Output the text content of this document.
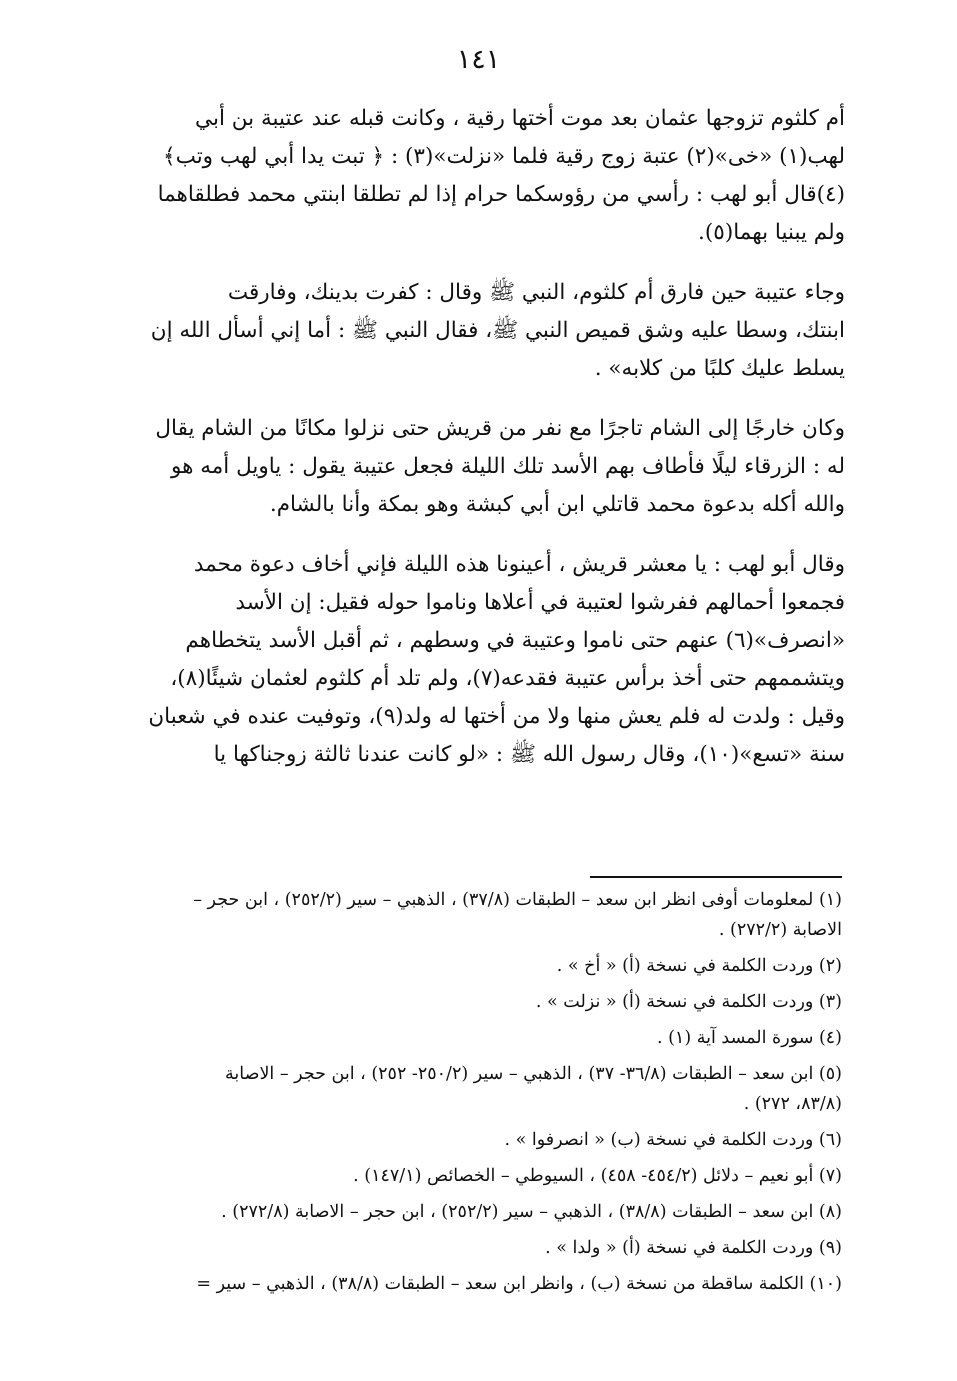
١٤١

أم كلثوم تزوجها عثمان بعد موت أختها رقية ، وكانت قبله عند عتيبة بن أبي
لهب(١) «خى»(٢) عتبة زوج رقية فلما «نزلت»(٣) : ﴿ تبت يدا أبي لهب وتب﴾
(٤)قال أبو لهب : رأسي من رؤوسكما حرام إذا لم تطلقا ابنتي محمد فطلقاهما
ولم يبنيا بهما(٥).

وجاء عتيبة حين فارق أم كلثوم، النبي ﷺ وقال : كفرت بدينك، وفارقت
ابنتك، وسطا عليه وشق قميص النبي ﷺ، فقال النبي ﷺ : أما إني أسأل الله إن
يسلط عليك كلبًا من كلابه» .

وكان خارجًا إلى الشام تاجرًا مع نفر من قريش حتى نزلوا مكانًا من الشام يقال
له : الزرقاء ليلًا فأطاف بهم الأسد تلك الليلة فجعل عتيبة يقول : ياويل أمه هو
والله أكله بدعوة محمد قاتلي ابن أبي كبشة وهو بمكة وأنا بالشام.

وقال أبو لهب : يا معشر قريش ، أعينونا هذه الليلة فإني أخاف دعوة محمد
فجمعوا أحمالهم ففرشوا لعتيبة في أعلاها وناموا حوله فقيل: إن الأسد
«انصرف»(٦) عنهم حتى ناموا وعتيبة في وسطهم ، ثم أقبل الأسد يتخطاهم
ويتشممهم حتى أخذ برأس عتيبة فقدعه(٧)، ولم تلد أم كلثوم لعثمان شيئًا(٨)،
وقيل : ولدت له فلم يعش منها ولا من أختها له ولد(٩)، وتوفيت عنده في شعبان
سنة «تسع»(١٠)، وقال رسول الله ﷺ : «لو كانت عندنا ثالثة زوجناكها يا

(١) لمعلومات أوفى انظر ابن سعد – الطبقات (٣٧/٨) ، الذهبي – سير (٢٥٢/٢) ، ابن حجر –
الاصابة (٢٧٢/٢) .
(٢) وردت الكلمة في نسخة (أ) « أخ » .
(٣) وردت الكلمة في نسخة (أ) « نزلت » .
(٤) سورة المسد آية (١) .
(٥) ابن سعد – الطبقات (٣٦/٨- ٣٧) ، الذهبي – سير (٢٥٠/٢- ٢٥٢) ، ابن حجر – الاصابة
(٨٣/٨، ٢٧٢) .
(٦) وردت الكلمة في نسخة (ب) « انصرفوا » .
(٧) أبو نعيم – دلائل (٤٥٤/٢- ٤٥٨) ، السيوطي – الخصائص (١٤٧/١) .
(٨) ابن سعد – الطبقات (٣٨/٨) ، الذهبي – سير (٢٥٢/٢) ، ابن حجر – الاصابة (٢٧٢/٨) .
(٩) وردت الكلمة في نسخة (أ) « ولدا » .
(١٠) الكلمة ساقطة من نسخة (ب) ، وانظر ابن سعد – الطبقات (٣٨/٨) ، الذهبي – سير =
